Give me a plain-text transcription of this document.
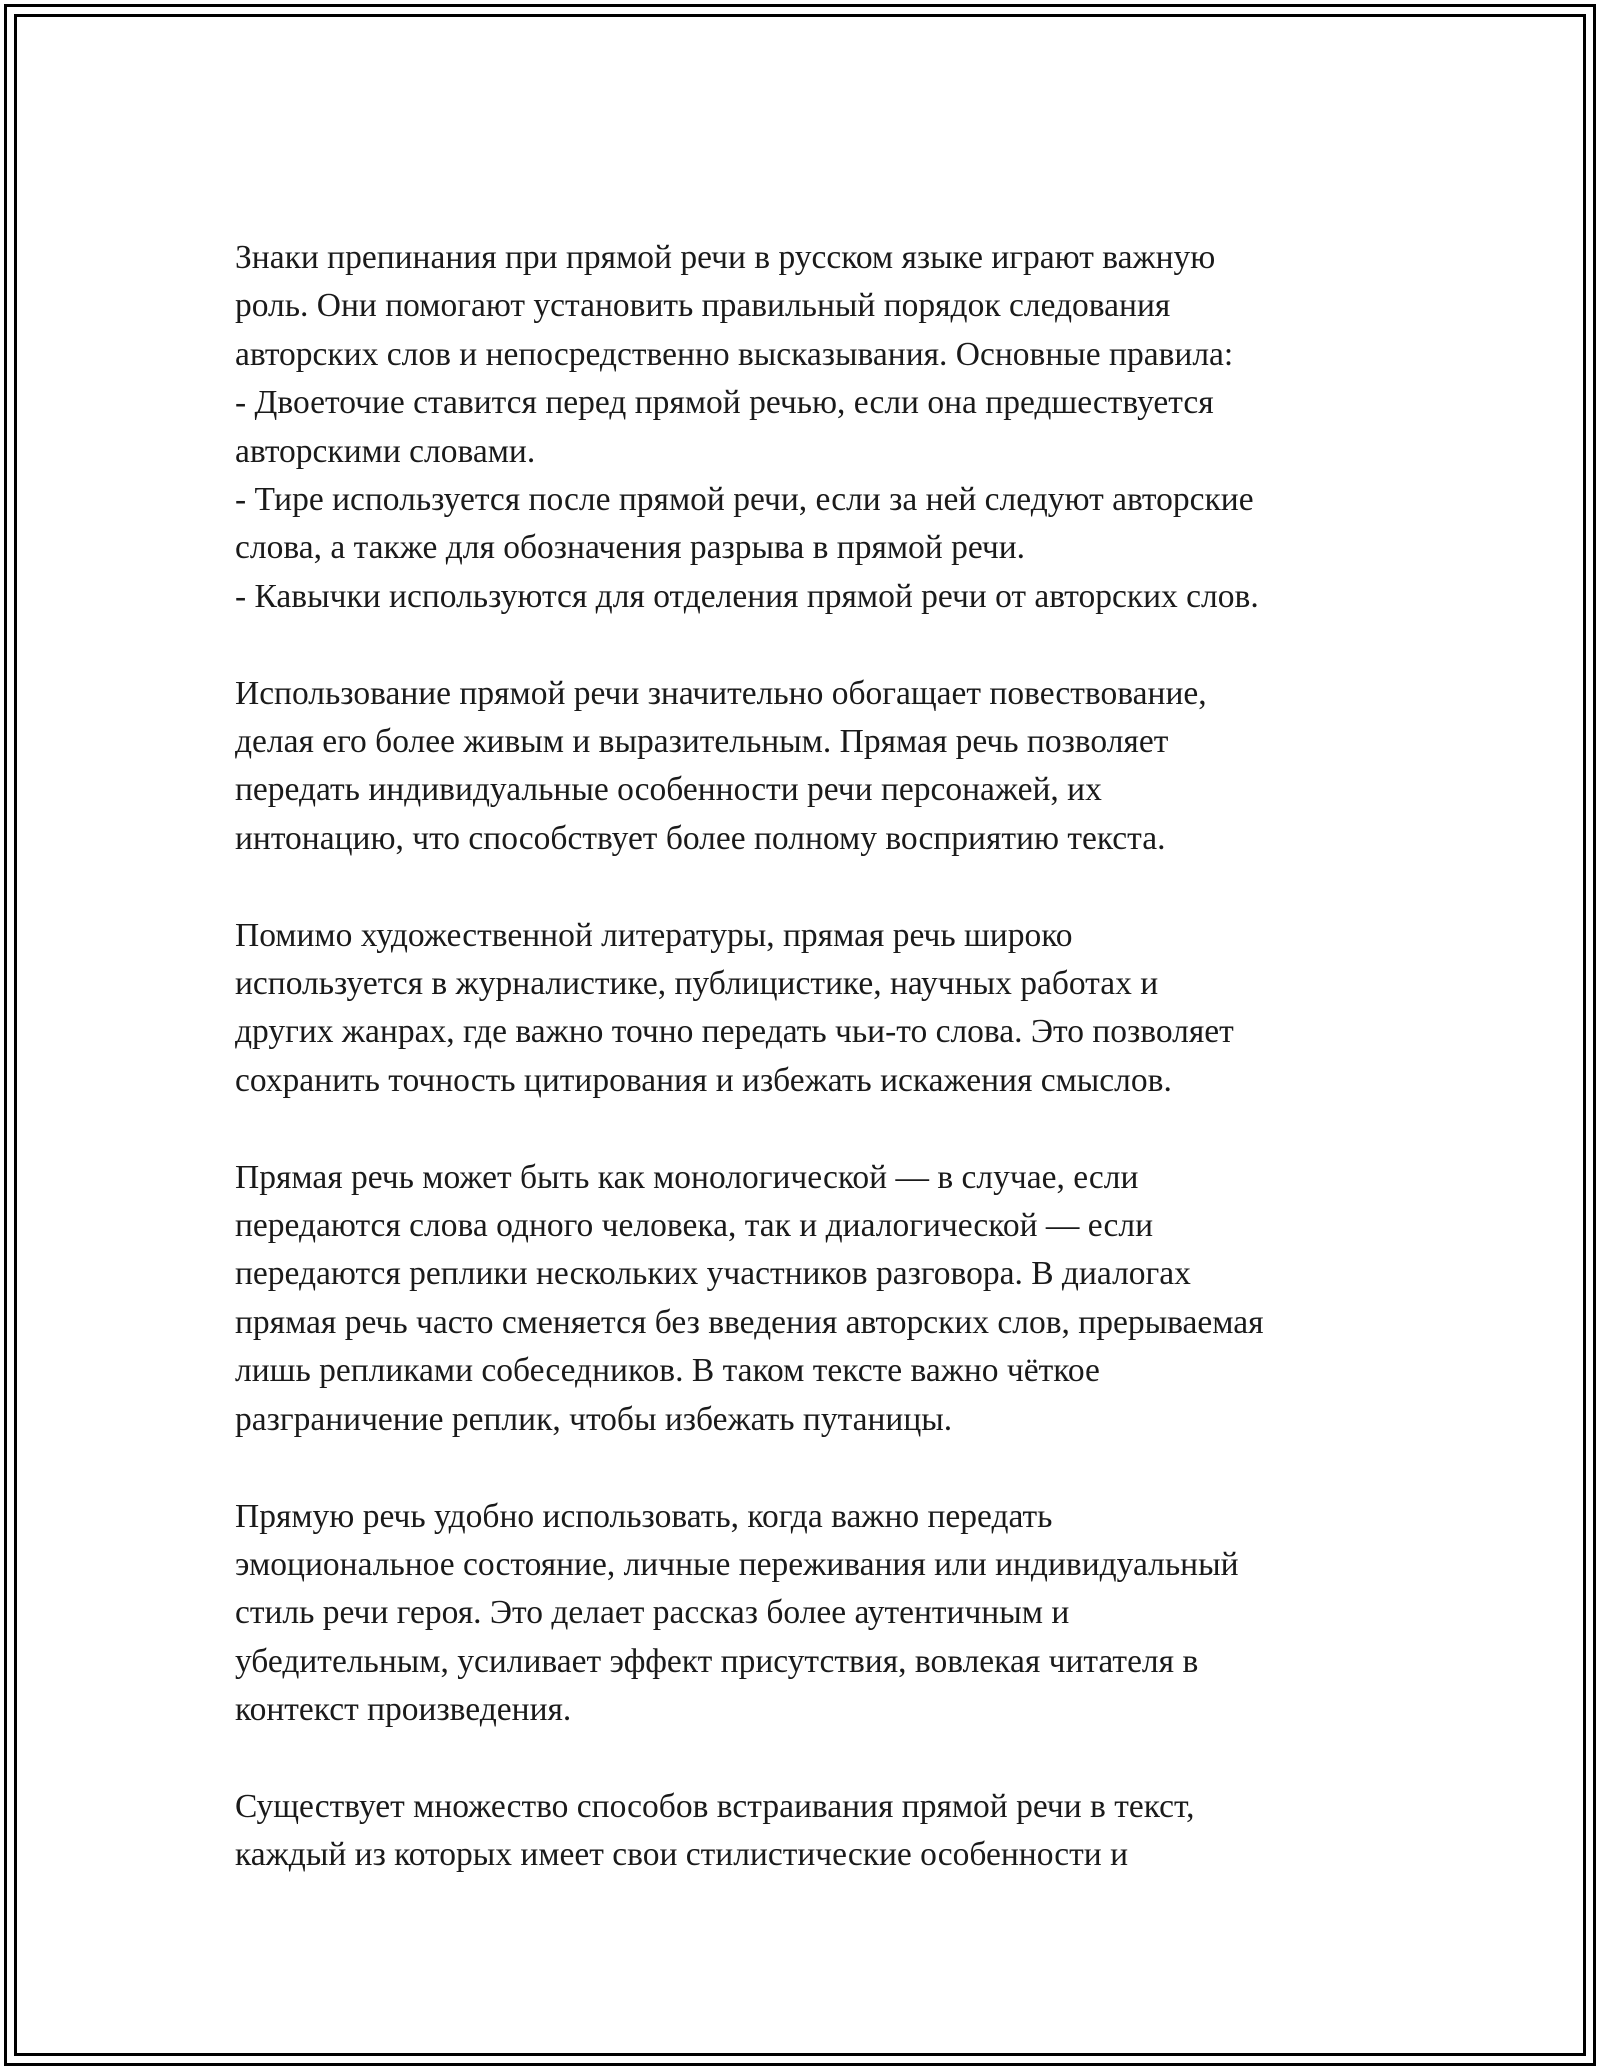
Знаки препинания при прямой речи в русском языке играют важную
роль. Они помогают установить правильный порядок следования
авторских слов и непосредственно высказывания. Основные правила:
- Двоеточие ставится перед прямой речью, если она предшествуется
авторскими словами.
- Тире используется после прямой речи, если за ней следуют авторские
слова, а также для обозначения разрыва в прямой речи.
- Кавычки используются для отделения прямой речи от авторских слов.
Использование прямой речи значительно обогащает повествование,
делая его более живым и выразительным. Прямая речь позволяет
передать индивидуальные особенности речи персонажей, их
интонацию, что способствует более полному восприятию текста.
Помимо художественной литературы, прямая речь широко
используется в журналистике, публицистике, научных работах и
других жанрах, где важно точно передать чьи-то слова. Это позволяет
сохранить точность цитирования и избежать искажения смыслов.
Прямая речь может быть как монологической — в случае, если
передаются слова одного человека, так и диалогической — если
передаются реплики нескольких участников разговора. В диалогах
прямая речь часто сменяется без введения авторских слов, прерываемая
лишь репликами собеседников. В таком тексте важно чёткое
разграничение реплик, чтобы избежать путаницы.
Прямую речь удобно использовать, когда важно передать
эмоциональное состояние, личные переживания или индивидуальный
стиль речи героя. Это делает рассказ более аутентичным и
убедительным, усиливает эффект присутствия, вовлекая читателя в
контекст произведения.
Существует множество способов встраивания прямой речи в текст,
каждый из которых имеет свои стилистические особенности и
